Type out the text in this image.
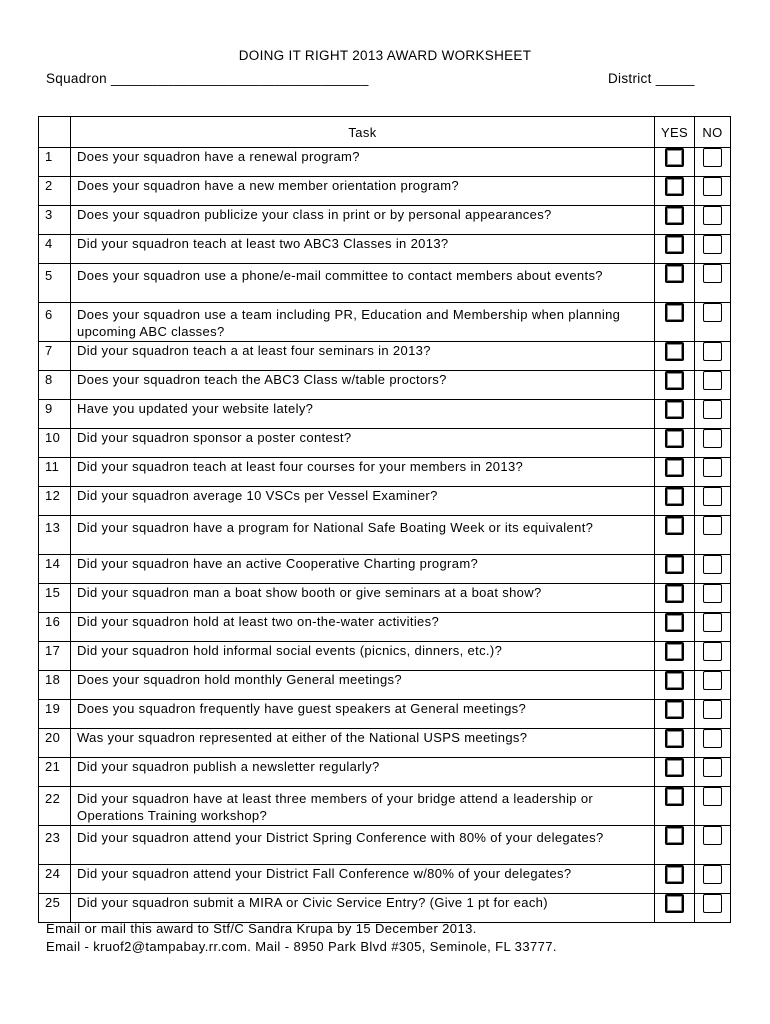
DOING IT RIGHT 2013 AWARD WORKSHEET
Squadron _________________________________	District _____
	Task	YES	NO
1	Does your squadron have a renewal program?		
2	Does your squadron have a new member orientation program?		
3	Does your squadron publicize your class in print or by personal appearances?		
4	Did your squadron teach at least two ABC3 Classes in 2013?		
5	Does your squadron use a phone/e-mail committee to contact members about events?		
6	Does your squadron use a team including PR, Education and Membership when planning upcoming ABC classes?		
7	Did your squadron teach a at least four seminars in 2013?		
8	Does your squadron teach the ABC3 Class w/table proctors?		
9	Have you updated your website lately?		
10	Did your squadron sponsor a poster contest?		
11	Did your squadron teach at least four courses for your members in 2013?		
12	Did your squadron average 10 VSCs per Vessel Examiner?		
13	Did your squadron have a program for National Safe Boating Week or its equivalent?		
14	Did your squadron have an active Cooperative Charting program?		
15	Did your squadron man a boat show booth or give seminars at a boat show?		
16	Did your squadron hold at least two on-the-water activities?		
17	Did your squadron hold informal social events (picnics, dinners, etc.)?		
18	Does your squadron hold monthly General meetings?		
19	Does you squadron frequently have guest speakers at General meetings?		
20	Was your squadron represented at either of the National USPS meetings?		
21	Did your squadron publish a newsletter regularly?		
22	Did your squadron have at least three members of your bridge attend a leadership or Operations Training workshop?		
23	Did your squadron attend your District Spring Conference with 80% of your delegates?		
24	Did your squadron attend your District Fall Conference w/80% of your delegates?		
25	Did your squadron submit a MIRA or Civic Service Entry? (Give 1 pt for each)		
Email or mail this award to Stf/C Sandra Krupa by 15 December 2013.
Email - kruof2@tampabay.rr.com. Mail - 8950 Park Blvd #305, Seminole, FL 33777.
